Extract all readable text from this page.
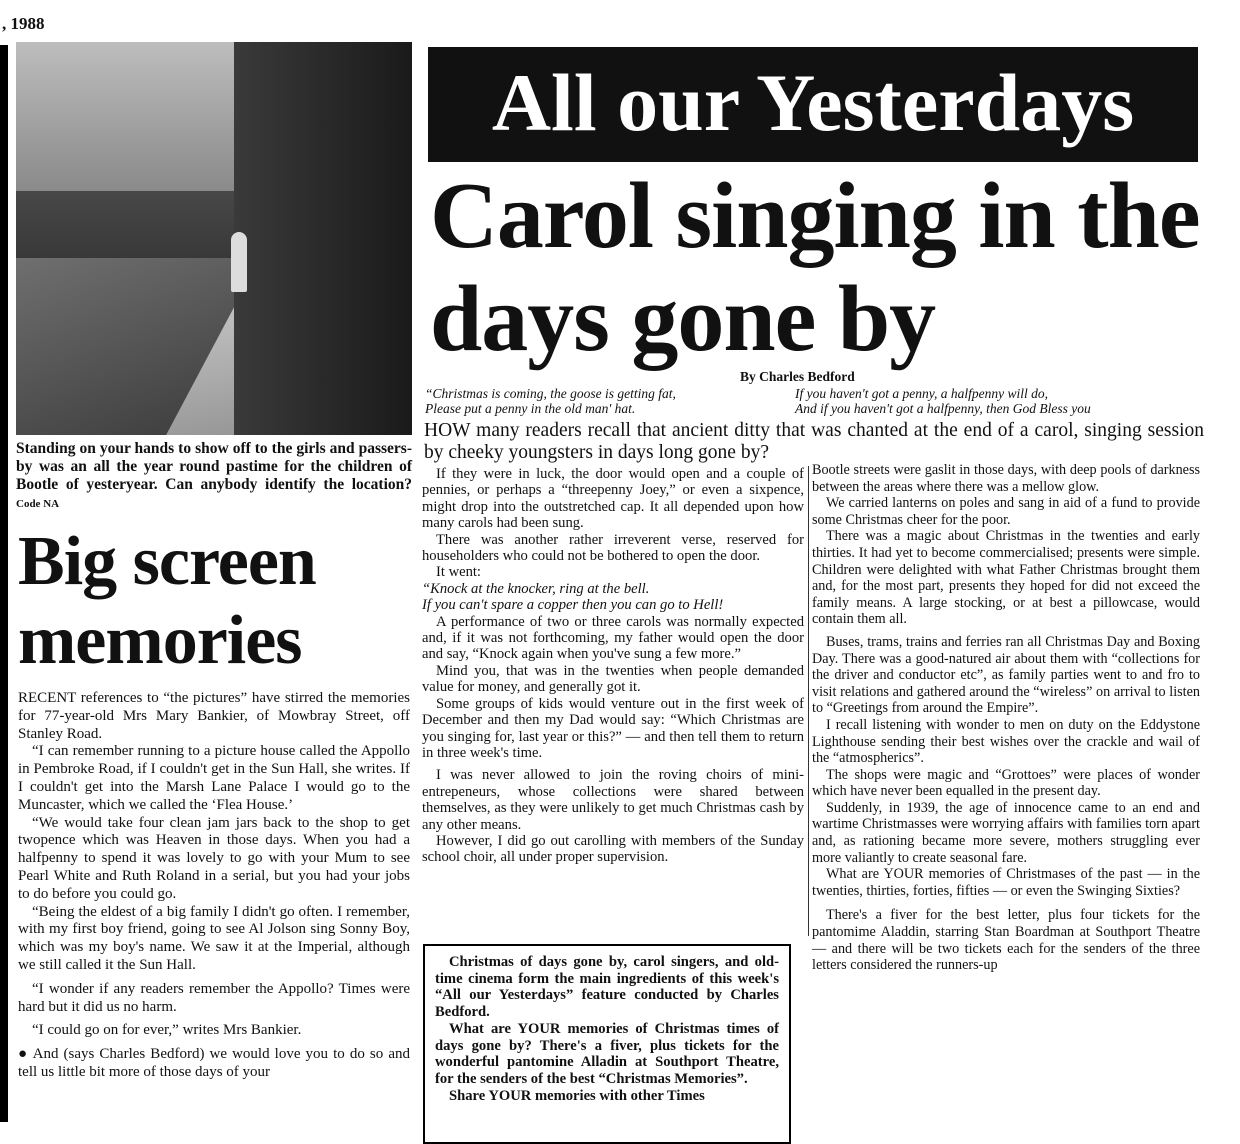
, 1988
Standing on your hands to show off to the girls and passers-by was an all the year round pastime for the children of Bootle of yesteryear. Can anybody identify the location? Code NA
Big screen memories

RECENT references to “the pictures” have stirred the memories for 77-year-old Mrs Mary Bankier, of Mowbray Street, off Stanley Road.

“I can remember running to a picture house called the Appollo in Pembroke Road, if I couldn't get in the Sun Hall, she writes. If I couldn't get into the Marsh Lane Palace I would go to the Muncaster, which we called the ‘Flea House.’

“We would take four clean jam jars back to the shop to get twopence which was Heaven in those days. When you had a halfpenny to spend it was lovely to go with your Mum to see Pearl White and Ruth Roland in a serial, but you had your jobs to do before you could go.

“Being the eldest of a big family I didn't go often. I remember, with my first boy friend, going to see Al Jolson sing Sonny Boy, which was my boy's name. We saw it at the Imperial, although we still called it the Sun Hall.

“I wonder if any readers remember the Appollo? Times were hard but it did us no harm.

“I could go on for ever,” writes Mrs Bankier.

● And (says Charles Bedford) we would love you to do so and tell us little bit more of those days of your

All our Yesterdays
Carol singing in the days gone by
By Charles Bedford
“Christmas is coming, the goose is getting fat,
Please put a penny in the old man' hat.
If you haven't got a penny, a halfpenny will do,
And if you haven't got a halfpenny, then God Bless you
HOW many readers recall that ancient ditty that was chanted at the end of a carol, singing session by cheeky youngsters in days long gone by?

If they were in luck, the door would open and a couple of pennies, or perhaps a “threepenny Joey,” or even a sixpence, might drop into the outstretched cap. It all depended upon how many carols had been sung.

There was another rather irreverent verse, reserved for householders who could not be bothered to open the door.

It went:

“Knock at the knocker, ring at the bell.

If you can't spare a copper then you can go to Hell!

A performance of two or three carols was normally expected and, if it was not forthcoming, my father would open the door and say, “Knock again when you've sung a few more.”

Mind you, that was in the twenties when people demanded value for money, and generally got it.

Some groups of kids would venture out in the first week of December and then my Dad would say: “Which Christmas are you singing for, last year or this?” — and then tell them to return in three week's time.

I was never allowed to join the roving choirs of mini-entrepeneurs, whose collections were shared between themselves, as they were unlikely to get much Christmas cash by any other means.

However, I did go out carolling with members of the Sunday school choir, all under proper supervision.

Bootle streets were gaslit in those days, with deep pools of darkness between the areas where there was a mellow glow.

We carried lanterns on poles and sang in aid of a fund to provide some Christmas cheer for the poor.

There was a magic about Christmas in the twenties and early thirties. It had yet to become commercialised; presents were simple. Children were delighted with what Father Christmas brought them and, for the most part, presents they hoped for did not exceed the family means. A large stocking, or at best a pillowcase, would contain them all.

Buses, trams, trains and ferries ran all Christmas Day and Boxing Day. There was a good-natured air about them with “collections for the driver and conductor etc”, as family parties went to and fro to visit relations and gathered around the “wireless” on arrival to listen to “Greetings from around the Empire”.

I recall listening with wonder to men on duty on the Eddystone Lighthouse sending their best wishes over the crackle and wail of the “atmospherics”.

The shops were magic and “Grottoes” were places of wonder which have never been equalled in the present day.

Suddenly, in 1939, the age of innocence came to an end and wartime Christmasses were worrying affairs with families torn apart and, as rationing became more severe, mothers struggling ever more valiantly to create seasonal fare.

What are YOUR memories of Christmases of the past — in the twenties, thirties, forties, fifties — or even the Swinging Sixties?

There's a fiver for the best letter, plus four tickets for the pantomime Aladdin, starring Stan Boardman at Southport Theatre — and there will be two tickets each for the senders of the three letters considered the runners-up

Christmas of days gone by, carol singers, and old-time cinema form the main ingredients of this week's “All our Yesterdays” feature conducted by Charles Bedford.

What are YOUR memories of Christmas times of days gone by? There's a fiver, plus tickets for the wonderful pantomine Alladin at Southport Theatre, for the senders of the best “Christmas Memories”.

Share YOUR memories with other Times
